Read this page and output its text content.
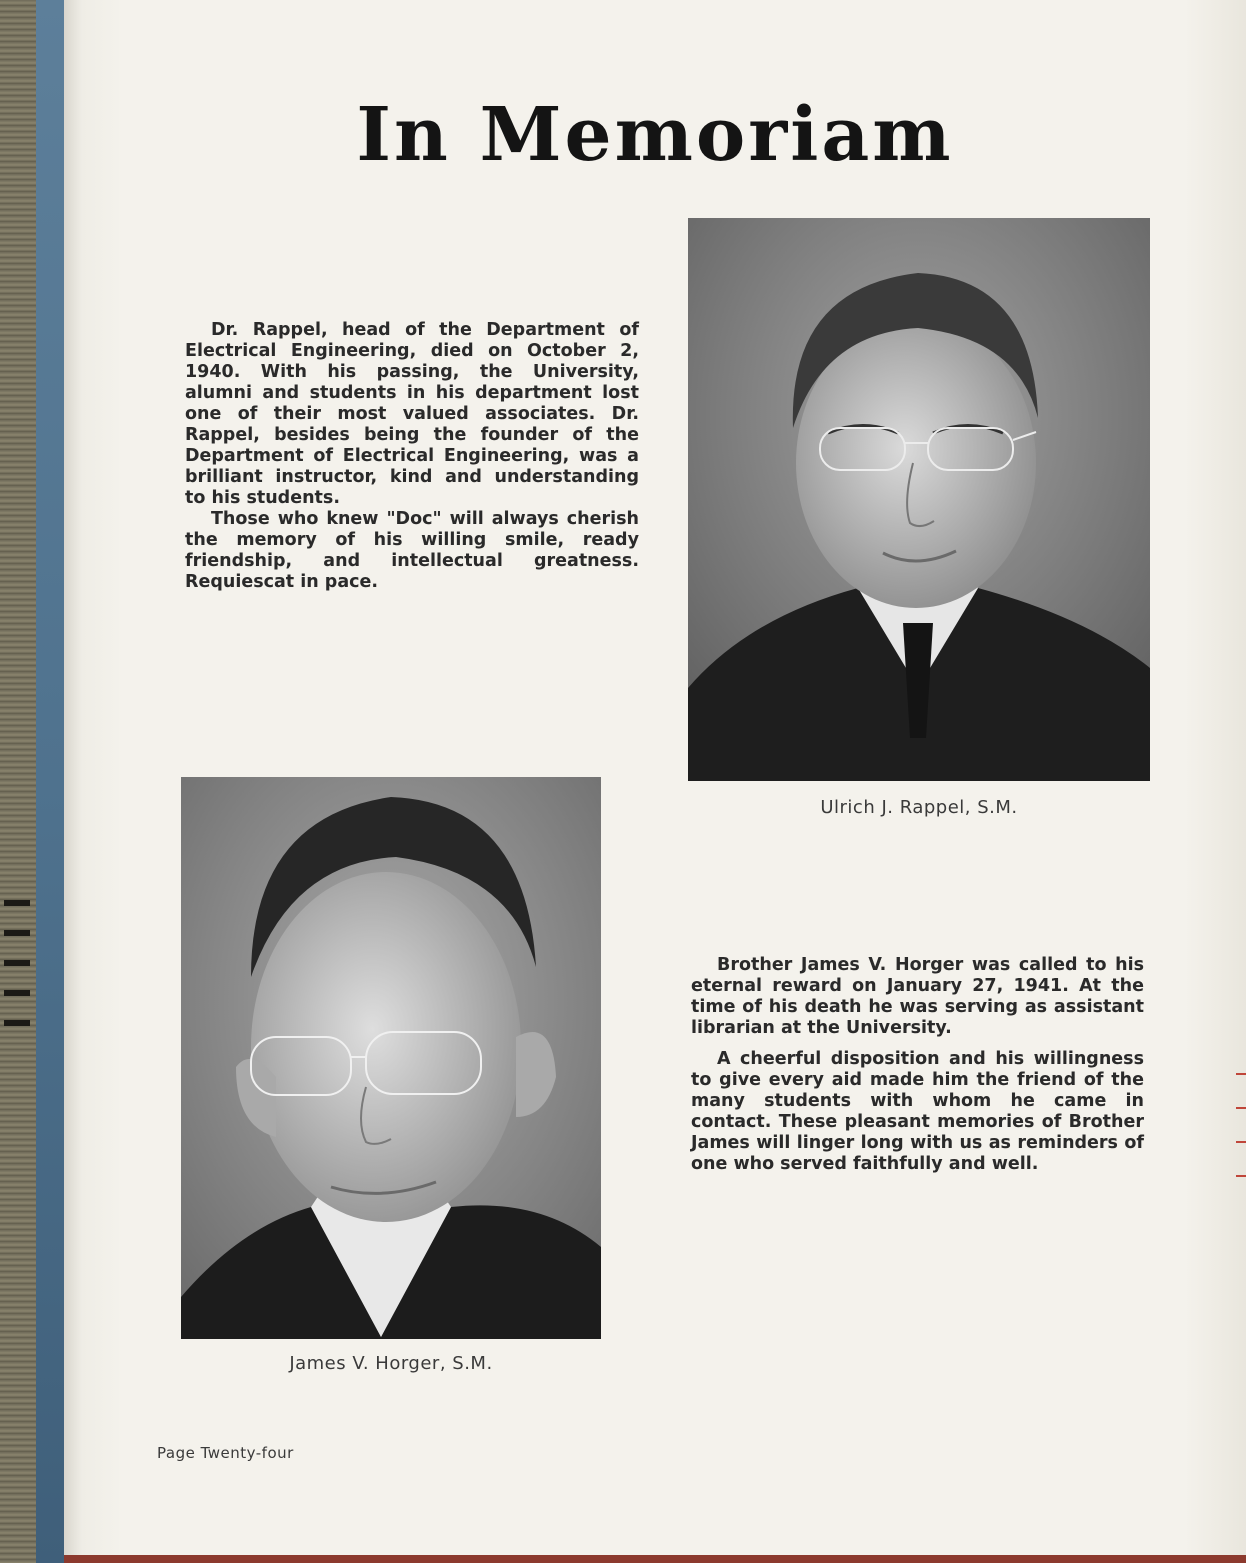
In Memoriam

Dr. Rappel, head of the Department of Electrical Engineering, died on October 2, 1940. With his passing, the University, alumni and students in his department lost one of their most valued associates. Dr. Rappel, besides being the founder of the Department of Electrical Engineering, was a brilliant instructor, kind and understanding to his students.

Those who knew "Doc" will always cherish the memory of his willing smile, ready friendship, and intellectual greatness. Requiescat in pace.

Ulrich J. Rappel, S.M.
James V. Horger, S.M.

Brother James V. Horger was called to his eternal reward on January 27, 1941. At the time of his death he was serving as assistant librarian at the University.

A cheerful disposition and his willingness to give every aid made him the friend of the many students with whom he came in contact. These pleasant memories of Brother James will linger long with us as reminders of one who served faithfully and well.

Page Twenty-four
